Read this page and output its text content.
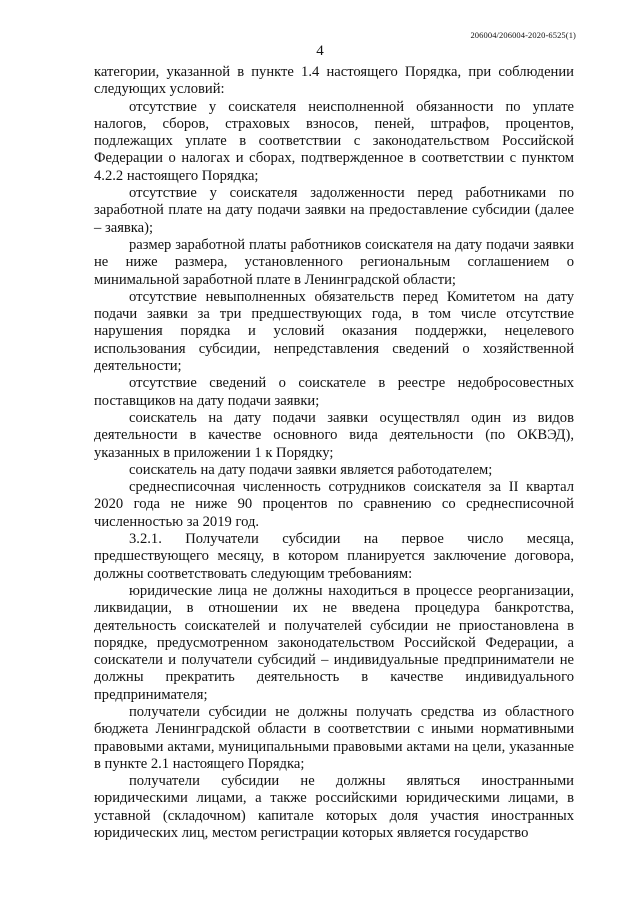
206004/206004-2020-6525(1)
4

категории, указанной в пункте 1.4 настоящего Порядка, при соблюдении следующих условий:

отсутствие у соискателя неисполненной обязанности по уплате налогов, сборов, страховых взносов, пеней, штрафов, процентов, подлежащих уплате в соответствии с законодательством Российской Федерации о налогах и сборах, подтвержденное в соответствии с пунктом 4.2.2 настоящего Порядка;

отсутствие у соискателя задолженности перед работниками по заработной плате на дату подачи заявки на предоставление субсидии (далее – заявка);

размер заработной платы работников соискателя на дату подачи заявки не ниже размера, установленного региональным соглашением о минимальной заработной плате в Ленинградской области;

отсутствие невыполненных обязательств перед Комитетом на дату подачи заявки за три предшествующих года, в том числе отсутствие нарушения порядка и условий оказания поддержки, нецелевого использования субсидии, непредставления сведений о хозяйственной деятельности;

отсутствие сведений о соискателе в реестре недобросовестных поставщиков на дату подачи заявки;

соискатель на дату подачи заявки осуществлял один из видов деятельности в качестве основного вида деятельности (по ОКВЭД), указанных в приложении 1 к Порядку;

соискатель на дату подачи заявки является работодателем;

среднесписочная численность сотрудников соискателя за II квартал 2020 года не ниже 90 процентов по сравнению со среднесписочной численностью за 2019 год.

3.2.1. Получатели субсидии на первое число месяца, предшествующего месяцу, в котором планируется заключение договора, должны соответствовать следующим требованиям:

юридические лица не должны находиться в процессе реорганизации, ликвидации, в отношении их не введена процедура банкротства, деятельность соискателей и получателей субсидии не приостановлена в порядке, предусмотренном законодательством Российской Федерации, а соискатели и получатели субсидий – индивидуальные предприниматели не должны прекратить деятельность в качестве индивидуального предпринимателя;

получатели субсидии не должны получать средства из областного бюджета Ленинградской области в соответствии с иными нормативными правовыми актами, муниципальными правовыми актами на цели, указанные в пункте 2.1 настоящего Порядка;

получатели субсидии не должны являться иностранными юридическими лицами, а также российскими юридическими лицами, в уставной (складочном) капитале которых доля участия иностранных юридических лиц, местом регистрации которых является государство
